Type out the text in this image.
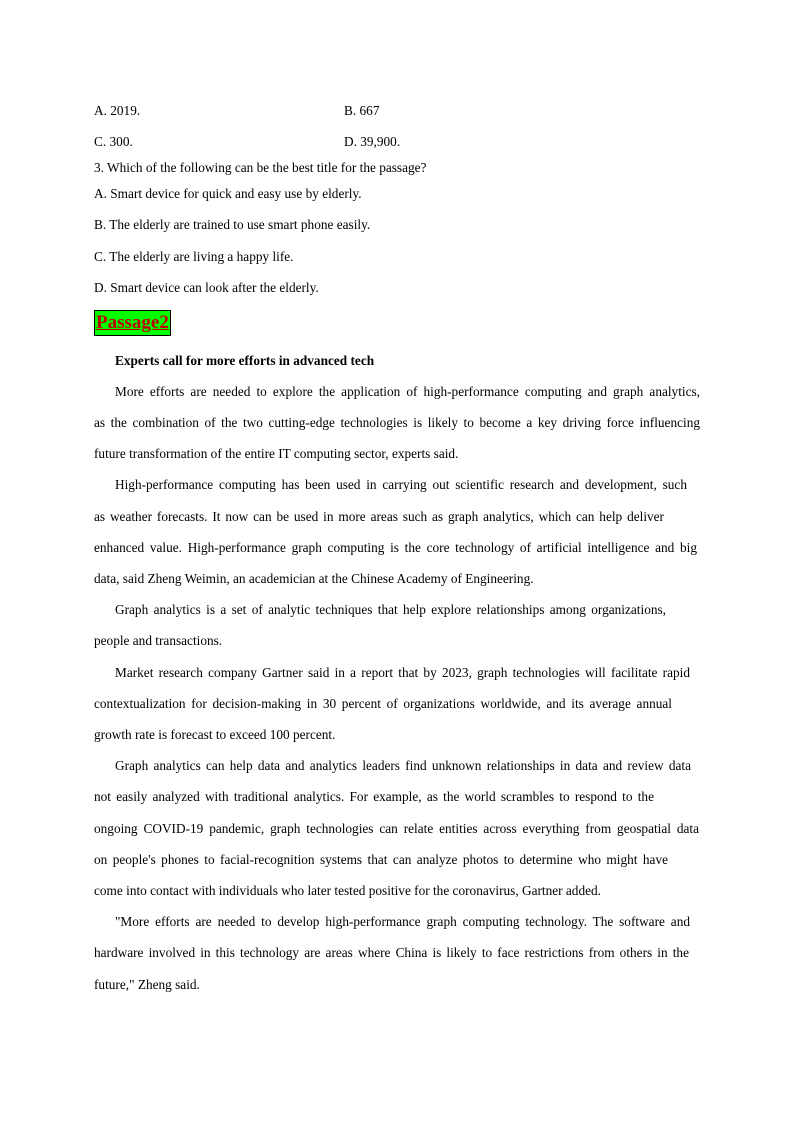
A. 2019.	B. 667
C. 300.	D. 39,900.
3. Which of the following can be the best title for the passage?
A. Smart device for quick and easy use by elderly.
B. The elderly are trained to use smart phone easily.
C. The elderly are living a happy life.
D. Smart device can look after the elderly.
Passage2
Experts call for more efforts in advanced tech
More efforts are needed to explore the application of high-performance computing and graph analytics,
as the combination of the two cutting-edge technologies is likely to become a key driving force influencing
future transformation of the entire IT computing sector, experts said.
High-performance computing has been used in carrying out scientific research and development, such
as weather forecasts. It now can be used in more areas such as graph analytics, which can help deliver
enhanced value. High-performance graph computing is the core technology of artificial intelligence and big
data, said Zheng Weimin, an academician at the Chinese Academy of Engineering.
Graph analytics is a set of analytic techniques that help explore relationships among organizations,
people and transactions.
Market research company Gartner said in a report that by 2023, graph technologies will facilitate rapid
contextualization for decision-making in 30 percent of organizations worldwide, and its average annual
growth rate is forecast to exceed 100 percent.
Graph analytics can help data and analytics leaders find unknown relationships in data and review data
not easily analyzed with traditional analytics. For example, as the world scrambles to respond to the
ongoing COVID-19 pandemic, graph technologies can relate entities across everything from geospatial data
on people's phones to facial-recognition systems that can analyze photos to determine who might have
come into contact with individuals who later tested positive for the coronavirus, Gartner added.
"More efforts are needed to develop high-performance graph computing technology. The software and
hardware involved in this technology are areas where China is likely to face restrictions from others in the
future," Zheng said.
